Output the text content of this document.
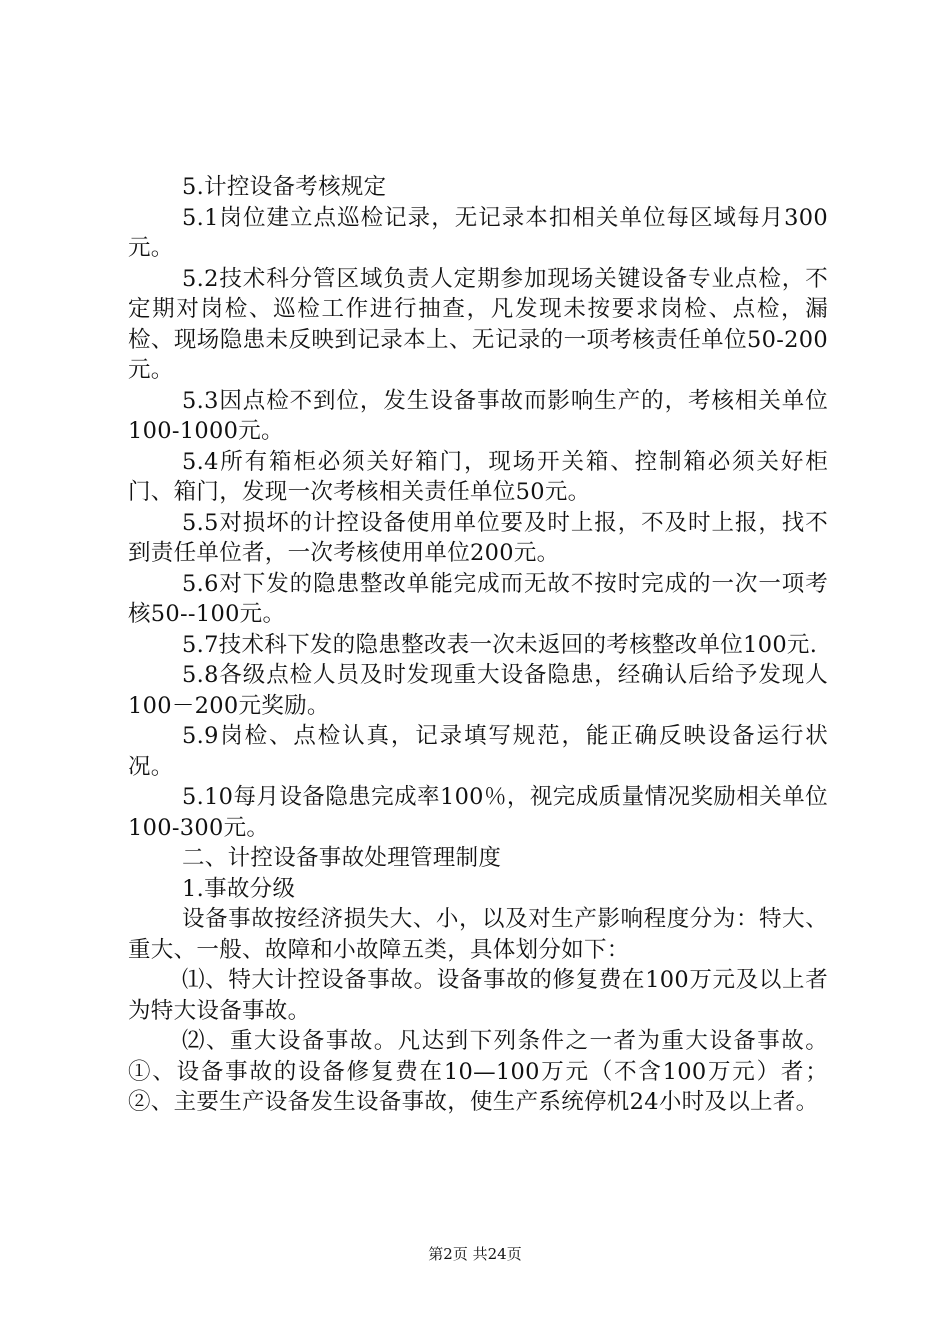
5.计控设备考核规定

5.1岗位建立点巡检记录，无记录本扣相关单位每区域每月300元。

5.2技术科分管区域负责人定期参加现场关键设备专业点检，不定期对岗检、巡检工作进行抽查，凡发现未按要求岗检、点检，漏检、现场隐患未反映到记录本上、无记录的一项考核责任单位50-200元。

5.3因点检不到位，发生设备事故而影响生产的，考核相关单位100-1000元。

5.4所有箱柜必须关好箱门，现场开关箱、控制箱必须关好柜门、箱门，发现一次考核相关责任单位50元。

5.5对损坏的计控设备使用单位要及时上报，不及时上报，找不到责任单位者，一次考核使用单位200元。

5.6对下发的隐患整改单能完成而无故不按时完成的一次一项考核50--100元。

5.7技术科下发的隐患整改表一次未返回的考核整改单位100元.

5.8各级点检人员及时发现重大设备隐患，经确认后给予发现人100－200元奖励。

5.9岗检、点检认真，记录填写规范，能正确反映设备运行状况。

5.10每月设备隐患完成率100％，视完成质量情况奖励相关单位100-300元。

二、计控设备事故处理管理制度

1.事故分级

设备事故按经济损失大、小，以及对生产影响程度分为：特大、重大、一般、故障和小故障五类，具体划分如下：

⑴、特大计控设备事故。设备事故的修复费在100万元及以上者为特大设备事故。

⑵、重大设备事故。凡达到下列条件之一者为重大设备事故。①、设备事故的设备修复费在10—100万元（不含100万元）者；②、主要生产设备发生设备事故，使生产系统停机24小时及以上者。

第2页 共24页
